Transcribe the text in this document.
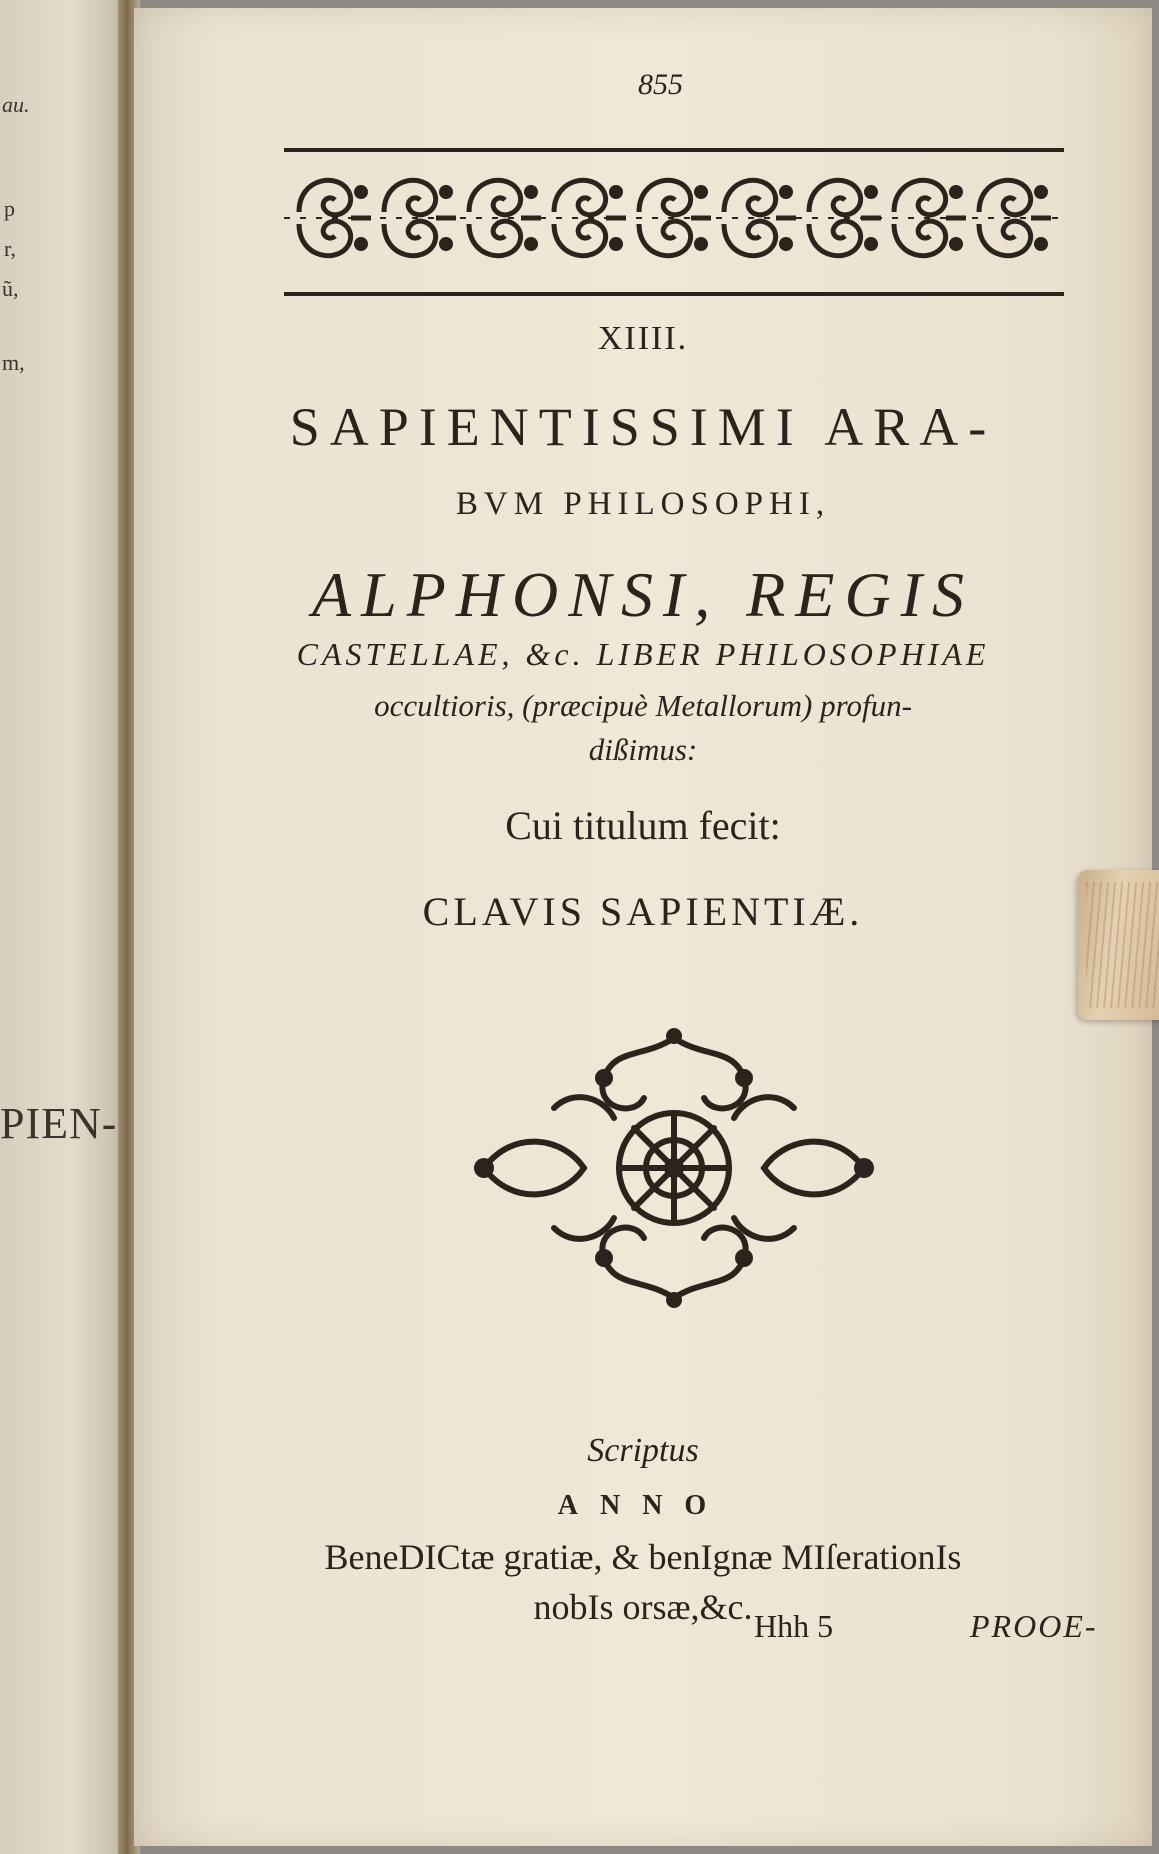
au.
p
r,
ũ,
m,
PIEN-
855
XIIII.
SAPIENTISSIMI ARA-
BVM PHILOSOPHI,
ALPHONSI, REGIS
CASTELLAE, &c. LIBER PHILOSOPHIAE
occultioris, (præcipuè Metallorum) profun-
dißimus:
Cui titulum fecit:
CLAVIS SAPIENTIÆ.
Scriptus
ANNO
BeneDICtæ gratiæ, & benIgnæ MIſerationIs
nobIs orsæ,&c. Hhh 5	PROOE-
